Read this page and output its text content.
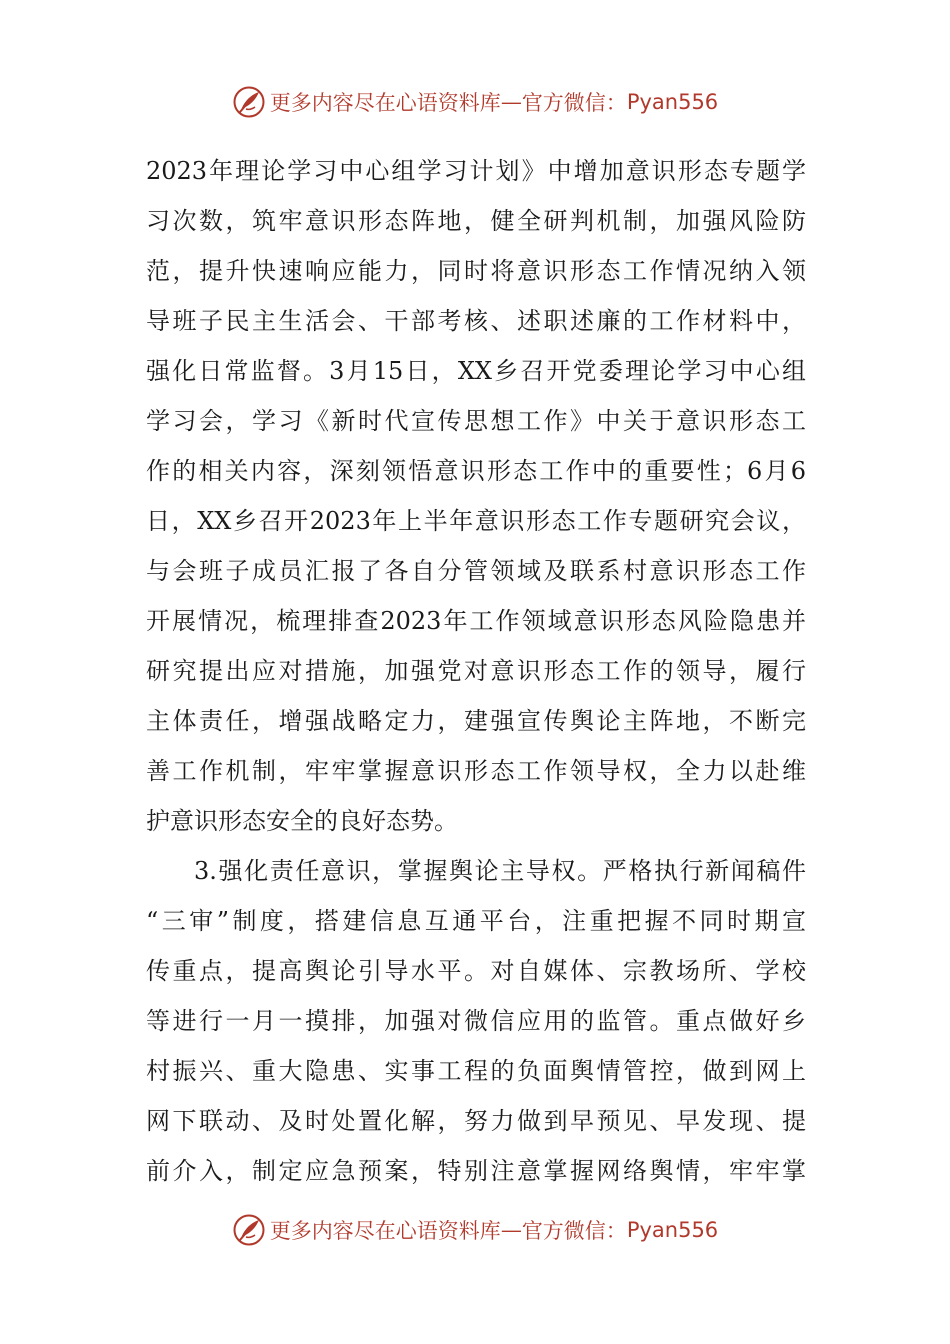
更多内容尽在心语资料库 — 官方微信： Pyan556
2023年理论学习中心组学习计划》中增加意识形态专题学
习次数，筑牢意识形态阵地，健全研判机制，加强风险防
范，提升快速响应能力，同时将意识形态工作情况纳入领
导班子民主生活会、干部考核、述职述廉的工作材料中，
强化日常监督。3月15日，XX乡召开党委理论学习中心组
学习会，学习《新时代宣传思想工作》中关于意识形态工
作的相关内容，深刻领悟意识形态工作中的重要性；6月6
日，XX乡召开2023年上半年意识形态工作专题研究会议，
与会班子成员汇报了各自分管领域及联系村意识形态工作
开展情况，梳理排查2023年工作领域意识形态风险隐患并
研究提出应对措施，加强党对意识形态工作的领导，履行
主体责任，增强战略定力，建强宣传舆论主阵地，不断完
善工作机制，牢牢掌握意识形态工作领导权，全力以赴维
护意识形态安全的良好态势。
3.强化责任意识，掌握舆论主导权。严格执行新闻稿件
“三审”制度，搭建信息互通平台，注重把握不同时期宣
传重点，提高舆论引导水平。对自媒体、宗教场所、学校
等进行一月一摸排，加强对微信应用的监管。重点做好乡
村振兴、重大隐患、实事工程的负面舆情管控，做到网上
网下联动、及时处置化解，努力做到早预见、早发现、提
前介入，制定应急预案，特别注意掌握网络舆情，牢牢掌
更多内容尽在心语资料库 — 官方微信： Pyan556
